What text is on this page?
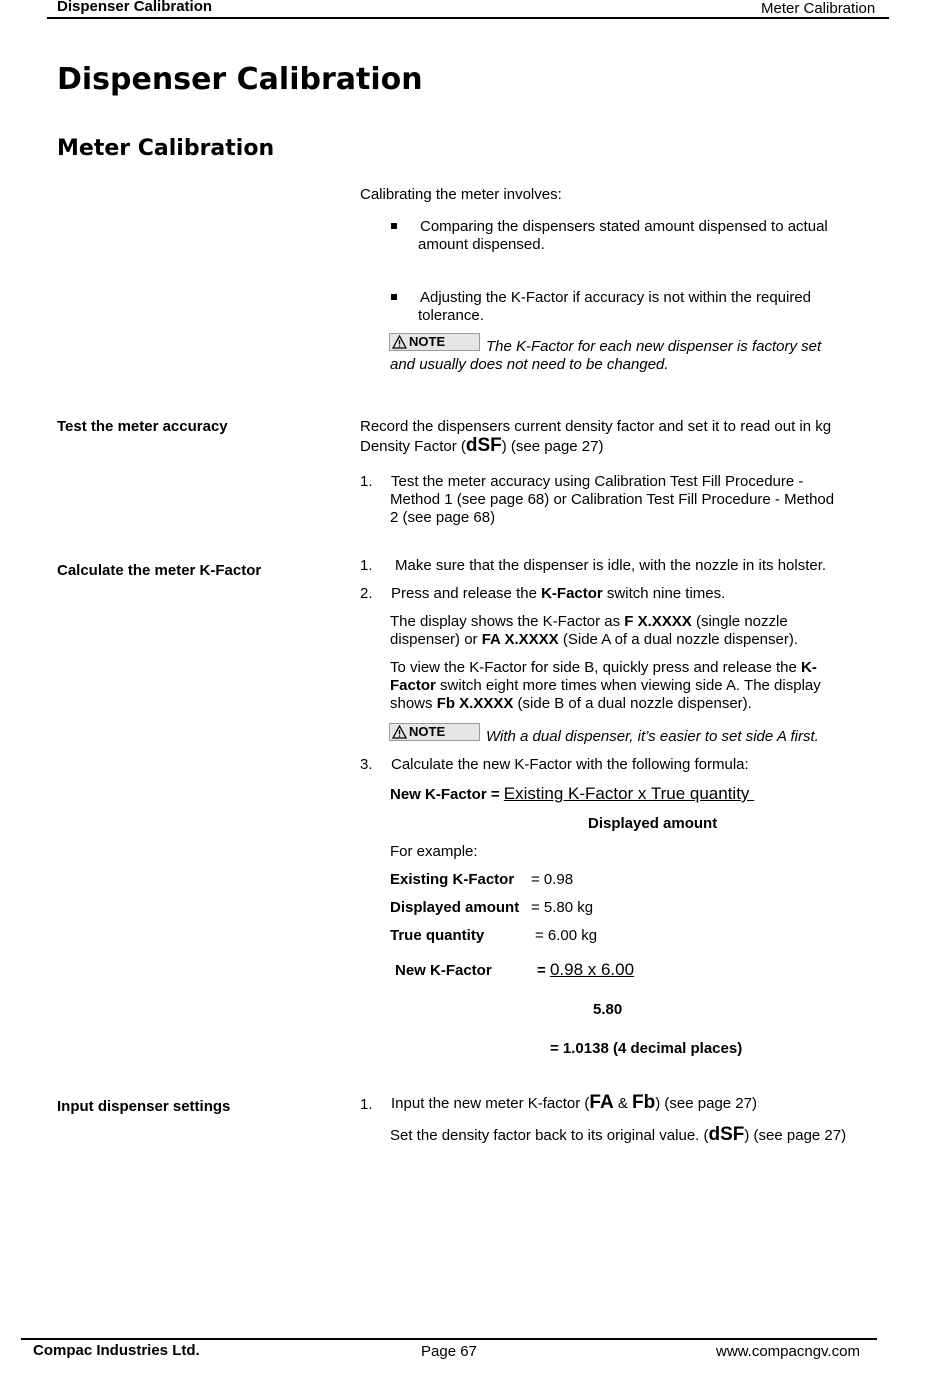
Dispenser Calibration	Meter Calibration
Dispenser Calibration
Meter Calibration
Calibrating the meter involves:
Comparing the dispensers stated amount dispensed to actual
amount dispensed.
Adjusting the K-Factor if accuracy is not within the required
tolerance.
NOTE	The K-Factor for each new dispenser is factory set
and usually does not need to be changed.
Test the meter accuracy	Record the dispensers current density factor and set it to read out in kg
Density Factor (dSF) (see page 27)
1. Test the meter accuracy using Calibration Test Fill Procedure -
Method 1 (see page 68) or Calibration Test Fill Procedure - Method
2 (see page 68)
Calculate the meter K-Factor	1. Make sure that the dispenser is idle, with the nozzle in its holster.
2. Press and release the K-Factor switch nine times.
The display shows the K-Factor as F X.XXXX (single nozzle
dispenser) or FA X.XXXX (Side A of a dual nozzle dispenser).
To view the K-Factor for side B, quickly press and release the K-
Factor switch eight more times when viewing side A. The display
shows Fb X.XXXX (side B of a dual nozzle dispenser).
NOTE	With a dual dispenser, it’s easier to set side A first.
3. Calculate the new K-Factor with the following formula:
New K-Factor = Existing K-Factor x True quantity
Displayed amount
For example:
Existing K-Factor = 0.98
Displayed amount = 5.80 kg
True quantity	= 6.00 kg
New K-Factor	= 0.98 x 6.00
5.80
= 1.0138 (4 decimal places)
Input dispenser settings	1. Input the new meter K-factor (FA & Fb) (see page 27)
Set the density factor back to its original value. (dSF) (see page 27)
Compac Industries Ltd.	Page 67	www.compacngv.com
